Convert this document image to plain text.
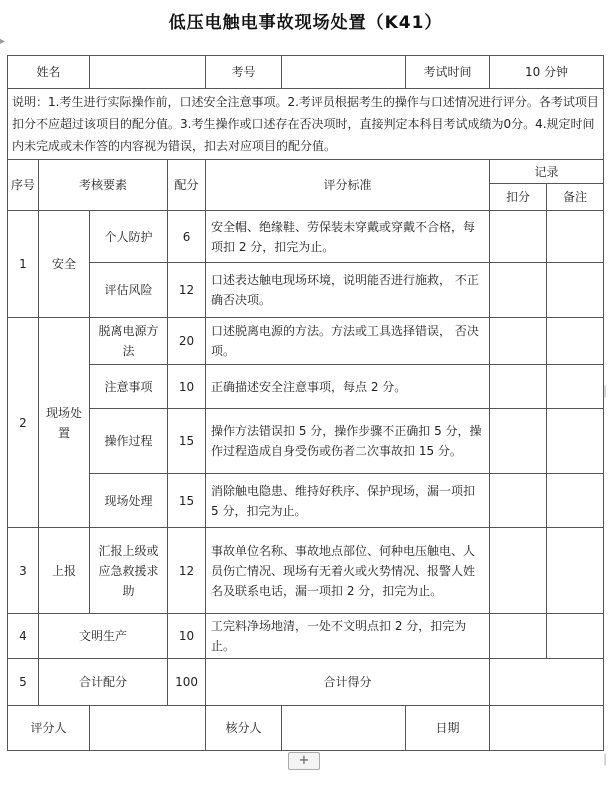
低压电触电事故现场处置（K41）
姓名				考号		考试时间	10 分钟	
说明：1.考生进行实际操作前，口述安全注意事项。2.考评员根据考生的操作与口述情况进行评分。各考试项目扣分不应超过该项目的配分值。3.考生操作或口述存在否决项时，直接判定本科目考试成绩为0分。4.规定时间内未完成或未作答的内容视为错误，扣去对应项目的配分值。								
序号	考核要素		配分	评分标准			记录	
							扣分	备注
1	安全	个人防护	6	安全帽、绝缘鞋、劳保装未穿戴或穿戴不合格，每项扣 2 分，扣完为止。				
		评估风险	12	口述表达触电现场环境，说明能否进行施救， 不正确否决项。				
2	现场处置	脱离电源方法	20	口述脱离电源的方法。方法或工具选择错误， 否决项。				
		注意事项	10	正确描述安全注意事项，每点 2 分。				
		操作过程	15	操作方法错误扣 5 分，操作步骤不正确扣 5 分，操作过程造成自身受伤或伤者二次事故扣 15 分。				
		现场处理	15	消除触电隐患、维持好秩序、保护现场，漏一项扣 5 分，扣完为止。				
3	上报	汇报上级或应急救援求助	12	事故单位名称、事故地点部位、何种电压触电、人员伤亡情况、现场有无着火或火势情况、报警人姓名及联系电话，漏一项扣 2 分，扣完为止。				
4	文明生产		10	工完料净场地清，一处不文明点扣 2 分，扣完为止。				
5	合计配分		100	合计得分				
评分人				核分人		日期		
+
▸
│
│
